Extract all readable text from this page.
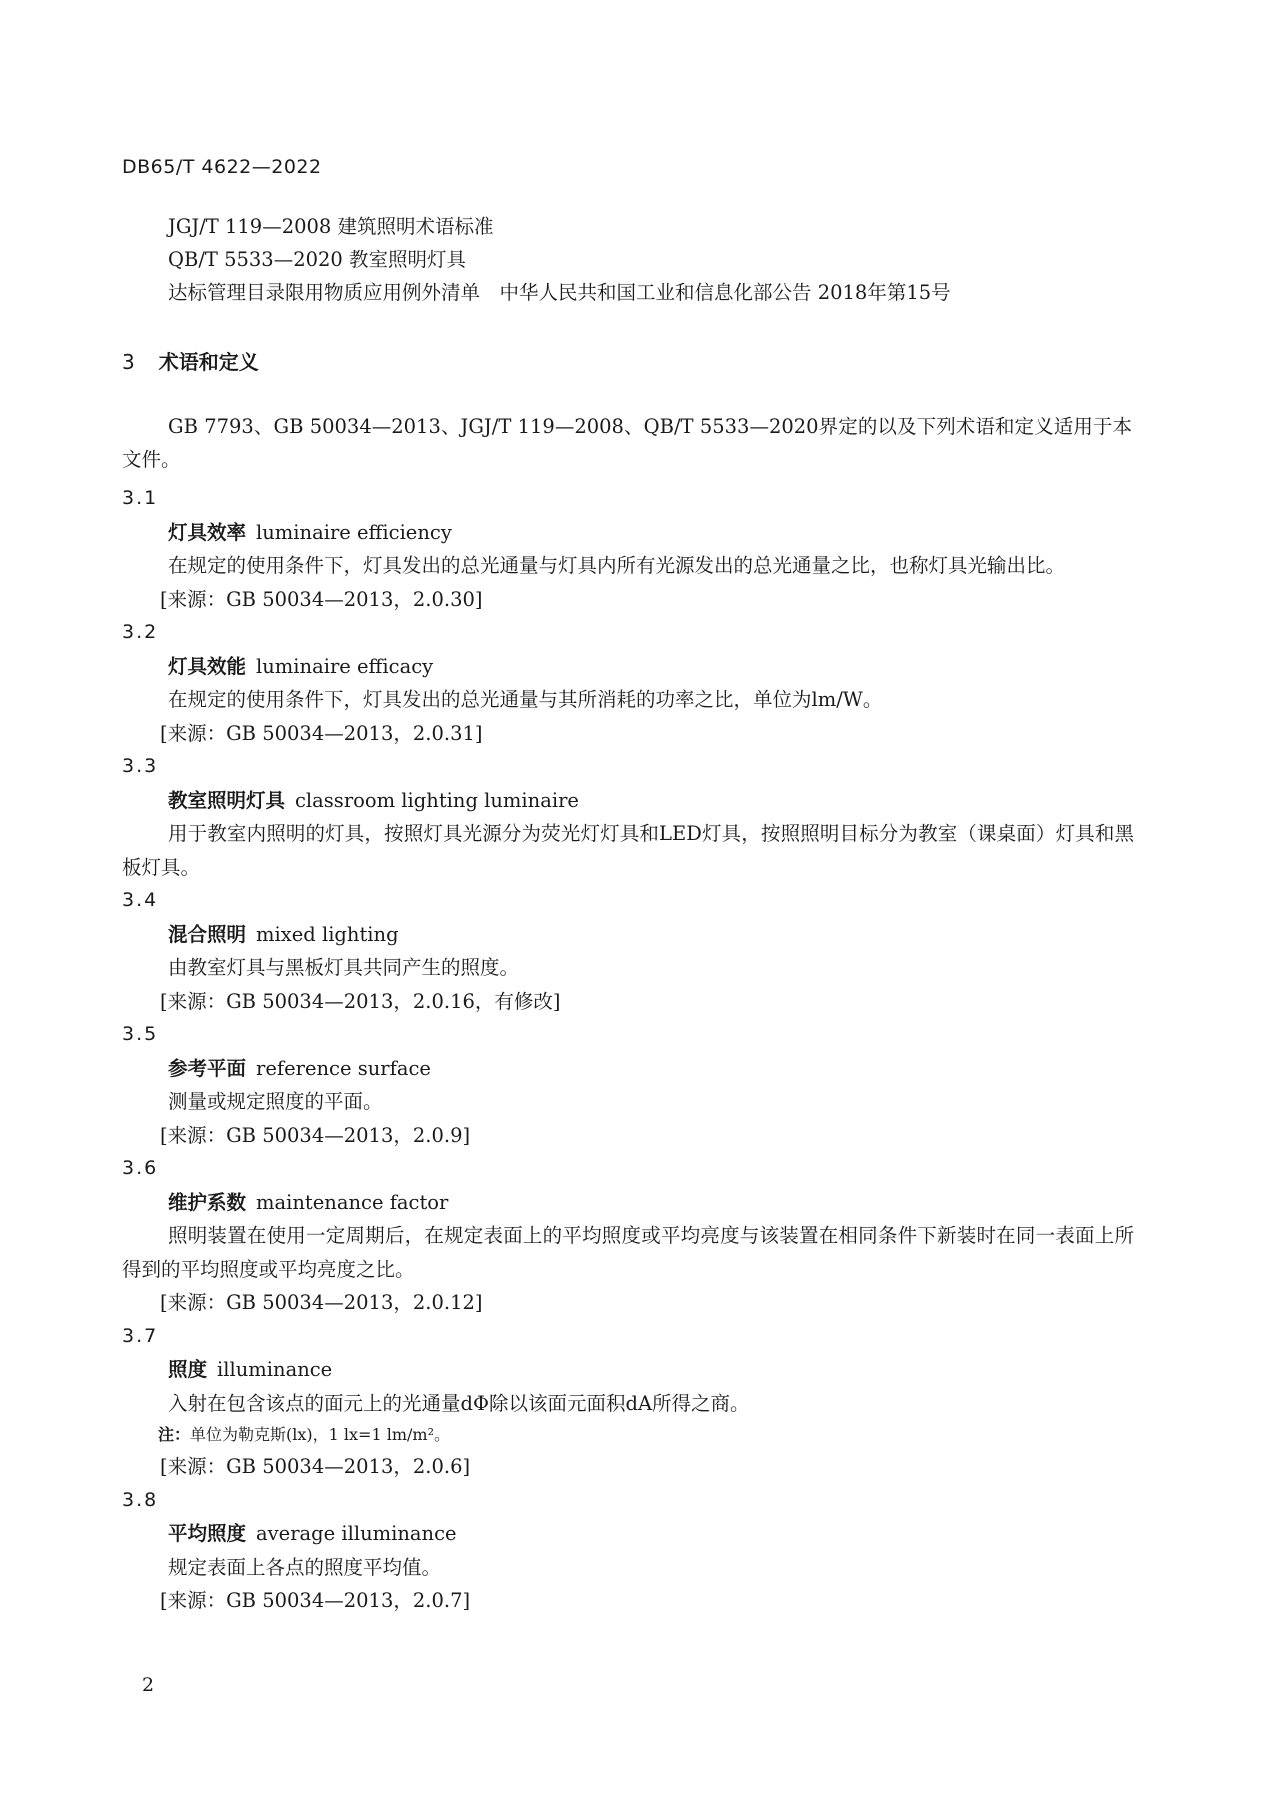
DB65/T 4622—2022
JGJ/T 119—2008 建筑照明术语标准
QB/T 5533—2020 教室照明灯具
达标管理目录限用物质应用例外清单　中华人民共和国工业和信息化部公告 2018年第15号
3 术语和定义
GB 7793、GB 50034—2013、JGJ/T 119—2008、QB/T 5533—2020界定的以及下列术语和定义适用于本文件。
3.1
灯具效率 luminaire efficiency
在规定的使用条件下，灯具发出的总光通量与灯具内所有光源发出的总光通量之比，也称灯具光输出比。
[来源：GB 50034—2013，2.0.30]
3.2
灯具效能 luminaire efficacy
在规定的使用条件下，灯具发出的总光通量与其所消耗的功率之比，单位为lm/W。
[来源：GB 50034—2013，2.0.31]
3.3
教室照明灯具 classroom lighting luminaire
用于教室内照明的灯具，按照灯具光源分为荧光灯灯具和LED灯具，按照照明目标分为教室（课桌面）灯具和黑板灯具。
3.4
混合照明 mixed lighting
由教室灯具与黑板灯具共同产生的照度。
[来源：GB 50034—2013，2.0.16，有修改]
3.5
参考平面 reference surface
测量或规定照度的平面。
[来源：GB 50034—2013，2.0.9]
3.6
维护系数 maintenance factor
照明装置在使用一定周期后，在规定表面上的平均照度或平均亮度与该装置在相同条件下新装时在同一表面上所得到的平均照度或平均亮度之比。
[来源：GB 50034—2013，2.0.12]
3.7
照度 illuminance
入射在包含该点的面元上的光通量dΦ除以该面元面积dA所得之商。
注：单位为勒克斯(lx)，1 lx=1 lm/m²。
[来源：GB 50034—2013，2.0.6]
3.8
平均照度 average illuminance
规定表面上各点的照度平均值。
[来源：GB 50034—2013，2.0.7]
2
